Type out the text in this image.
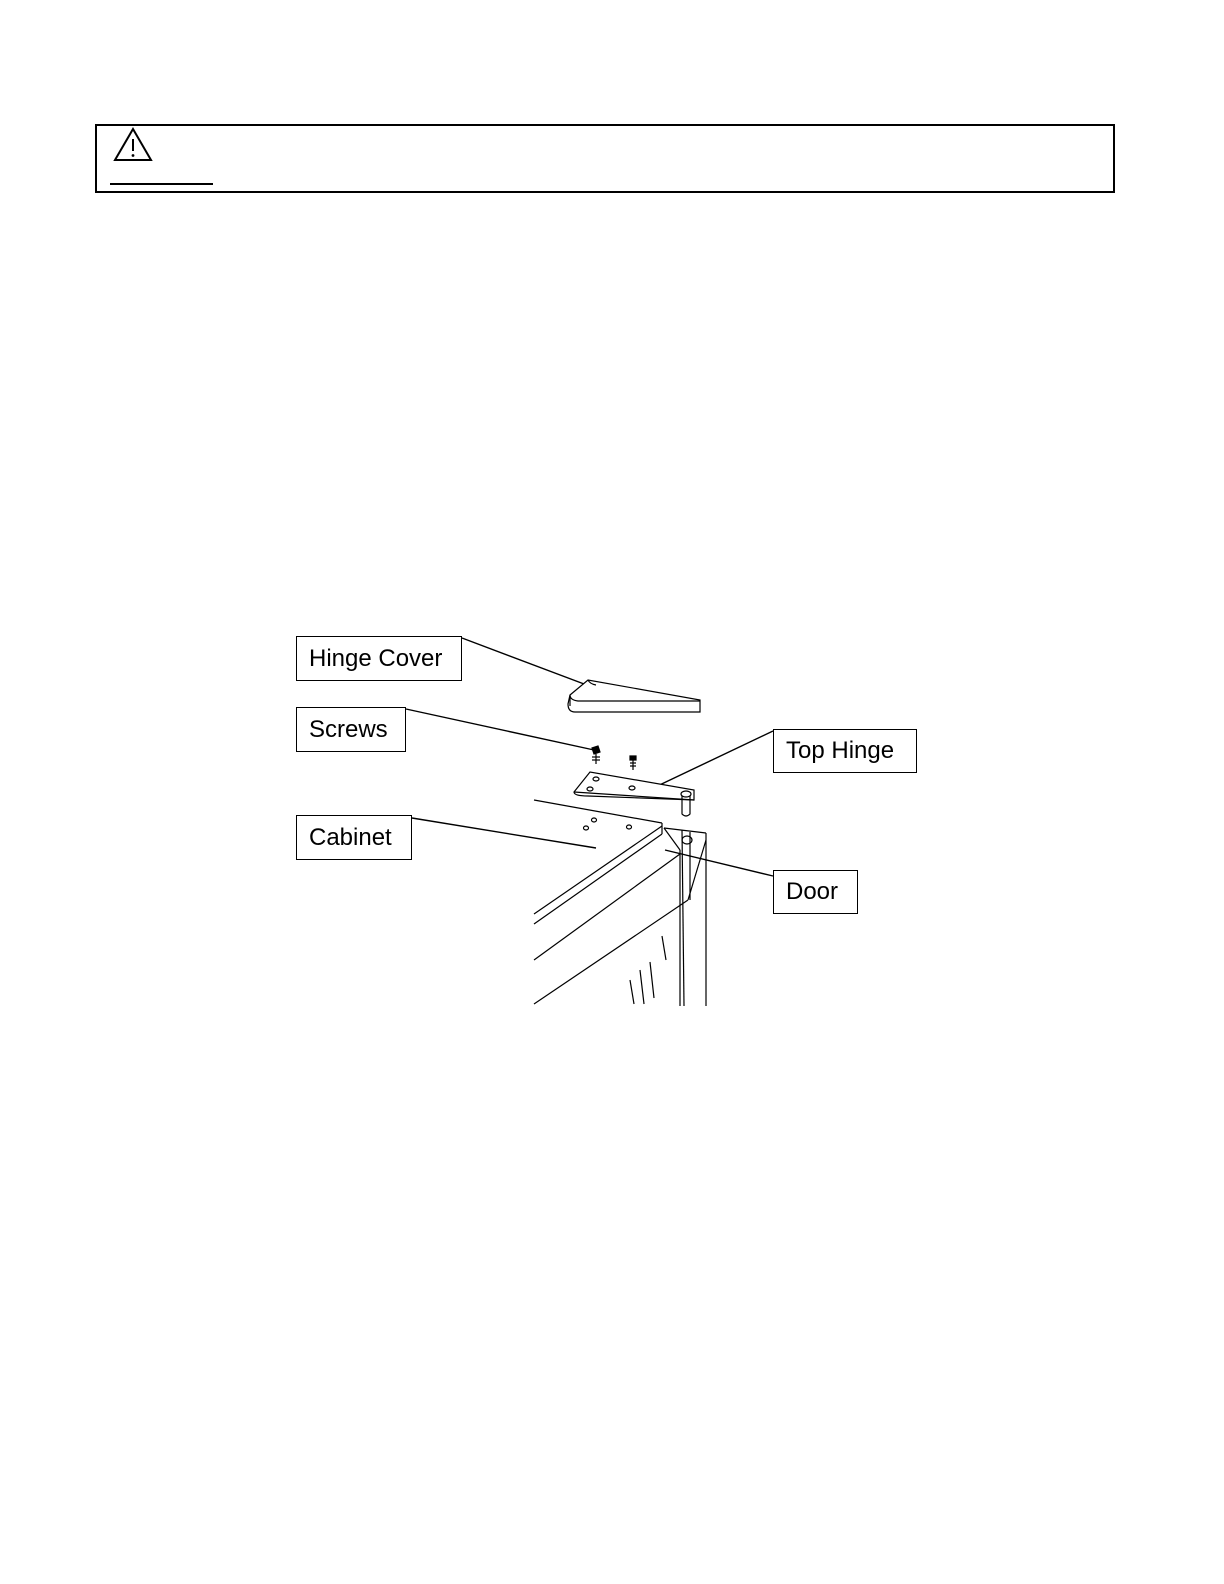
Hinge Cover
Screws
Top Hinge
Cabinet
Door
